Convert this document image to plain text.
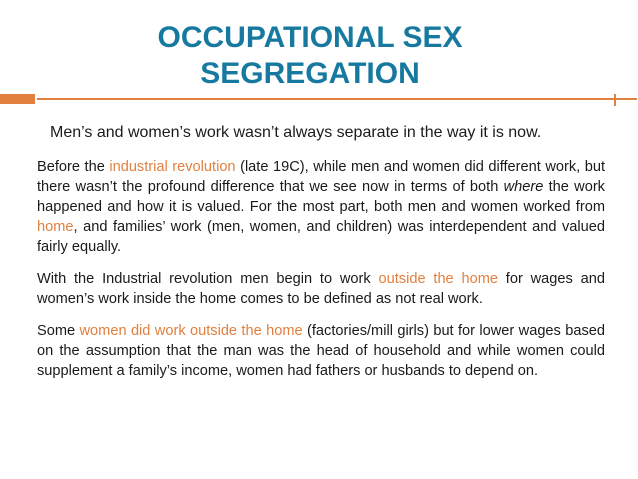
OCCUPATIONAL SEX
SEGREGATION

Men’s and women’s work wasn’t always separate in the way it is now.

Before the industrial revolution (late 19C), while men and women did different work, but there wasn’t the profound difference that we see now in terms of both where the work happened and how it is valued. For the most part, both men and women worked from home, and families’ work (men, women, and children) was interdependent and valued fairly equally.

With the Industrial revolution men begin to work outside the home for wages and women’s work inside the home comes to be defined as not real work.

Some women did work outside the home (factories/mill girls) but for lower wages based on the assumption that the man was the head of household and while women could supplement a family’s income, women had fathers or husbands to depend on.
